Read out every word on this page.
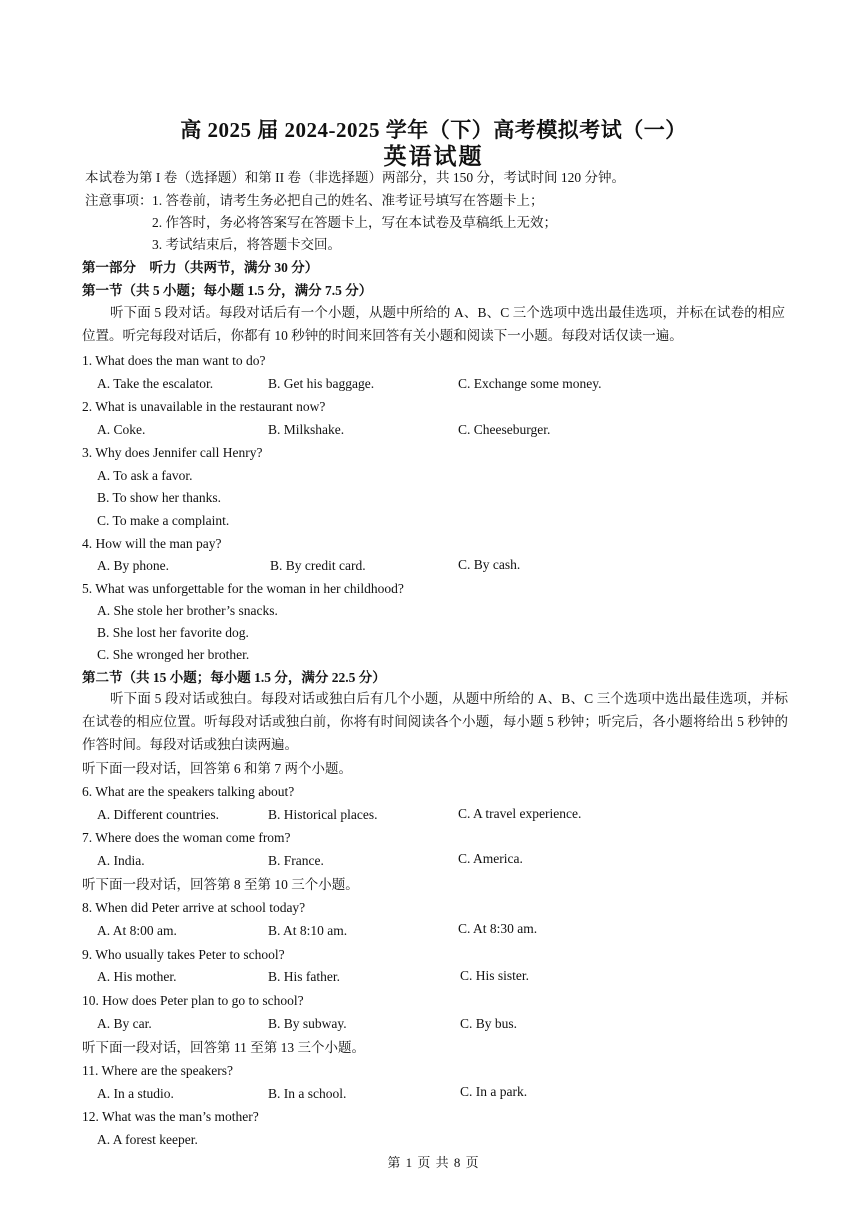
高 2025 届 2024-2025 学年（下）高考模拟考试（一）
英语试题
本试卷为第 I 卷（选择题）和第 II 卷（非选择题）两部分，共 150 分，考试时间 120 分钟。
注意事项： 1. 答卷前，请考生务必把自己的姓名、准考证号填写在答题卡上；
2. 作答时，务必将答案写在答题卡上，写在本试卷及草稿纸上无效；
3. 考试结束后，将答题卡交回。
第一部分　听力（共两节，满分 30 分）
第一节（共 5 小题；每小题 1.5 分，满分 7.5 分）
听下面 5 段对话。每段对话后有一个小题，从题中所给的 A、B、C 三个选项中选出最佳选项，并标在试卷的相应位置。听完每段对话后，你都有 10 秒钟的时间来回答有关小题和阅读下一小题。每段对话仅读一遍。
1. What does the man want to do?
A. Take the escalator.	B. Get his baggage.	C. Exchange some money.
2. What is unavailable in the restaurant now?
A. Coke.	B. Milkshake.	C. Cheeseburger.
3. Why does Jennifer call Henry?
A. To ask a favor.
B. To show her thanks.
C. To make a complaint.
4. How will the man pay?
A. By phone.	B. By credit card.	C. By cash.
5. What was unforgettable for the woman in her childhood?
A. She stole her brother’s snacks.
B. She lost her favorite dog.
C. She wronged her brother.
第二节（共 15 小题；每小题 1.5 分，满分 22.5 分）
听下面 5 段对话或独白。每段对话或独白后有几个小题，从题中所给的 A、B、C 三个选项中选出最佳选项，并标在试卷的相应位置。听每段对话或独白前，你将有时间阅读各个小题，每小题 5 秒钟；听完后，各小题将给出 5 秒钟的作答时间。每段对话或独白读两遍。
听下面一段对话，回答第 6 和第 7 两个小题。
6. What are the speakers talking about?
A. Different countries.	B. Historical places.	C. A travel experience.
7. Where does the woman come from?
A. India.	B. France.	C. America.
听下面一段对话，回答第 8 至第 10 三个小题。
8. When did Peter arrive at school today?
A. At 8:00 am.	B. At 8:10 am.	C. At 8:30 am.
9. Who usually takes Peter to school?
A. His mother.	B. His father.	C. His sister.
10. How does Peter plan to go to school?
A. By car.	B. By subway.	C. By bus.
听下面一段对话，回答第 11 至第 13 三个小题。
11. Where are the speakers?
A. In a studio.	B. In a school.	C. In a park.
12. What was the man’s mother?
A. A forest keeper.
第 1 页 共 8 页
